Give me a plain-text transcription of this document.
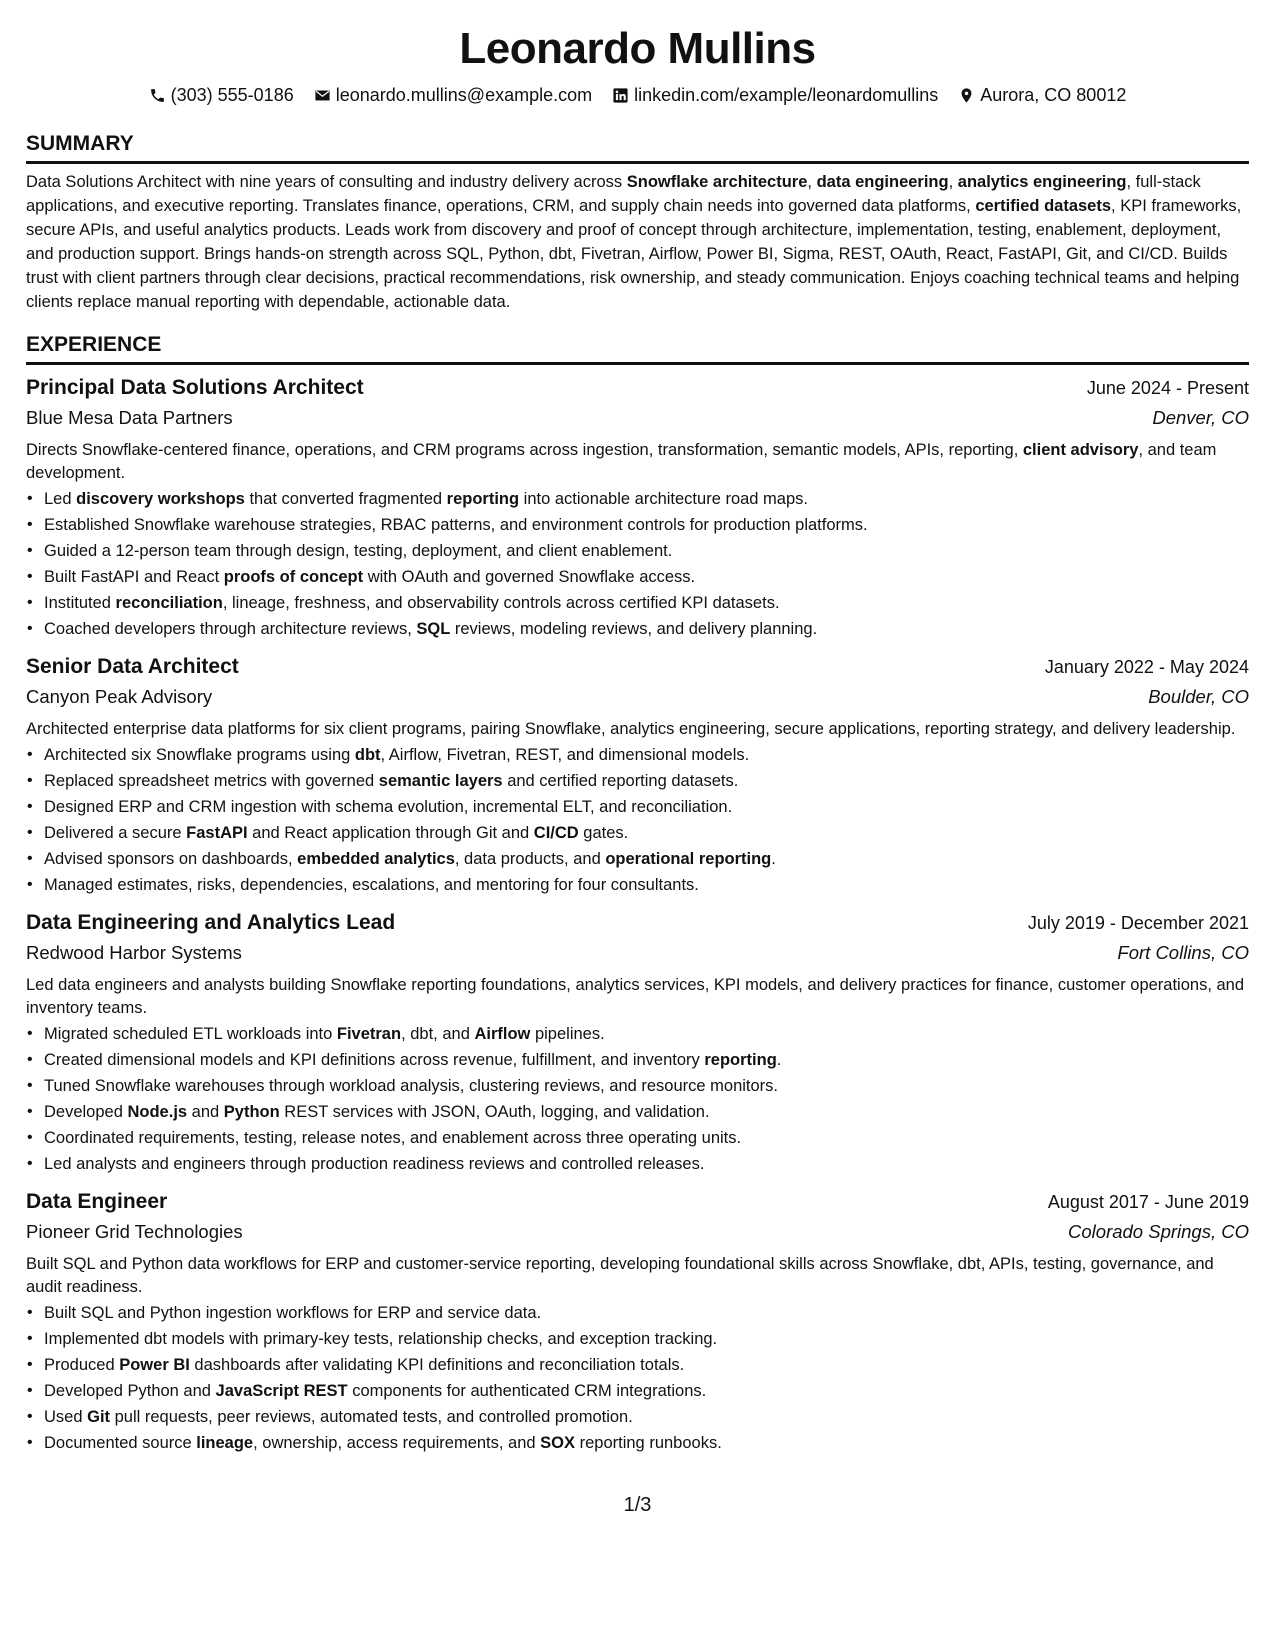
Leonardo Mullins
(303) 555-0186 leonardo.mullins@example.com linkedin.com/example/leonardomullins Aurora, CO 80012
SUMMARY
Data Solutions Architect with nine years of consulting and industry delivery across Snowflake architecture, data engineering, analytics engineering, full-stack applications, and executive reporting. Translates finance, operations, CRM, and supply chain needs into governed data platforms, certified datasets, KPI frameworks, secure APIs, and useful analytics products. Leads work from discovery and proof of concept through architecture, implementation, testing, enablement, deployment, and production support. Brings hands-on strength across SQL, Python, dbt, Fivetran, Airflow, Power BI, Sigma, REST, OAuth, React, FastAPI, Git, and CI/CD. Builds trust with client partners through clear decisions, practical recommendations, risk ownership, and steady communication. Enjoys coaching technical teams and helping clients replace manual reporting with dependable, actionable data.
EXPERIENCE
Principal Data Solutions Architect	June 2024 - Present
Blue Mesa Data Partners	Denver, CO
Directs Snowflake-centered finance, operations, and CRM programs across ingestion, transformation, semantic models, APIs, reporting, client advisory, and team development.
• Led discovery workshops that converted fragmented reporting into actionable architecture road maps.
• Established Snowflake warehouse strategies, RBAC patterns, and environment controls for production platforms.
• Guided a 12-person team through design, testing, deployment, and client enablement.
• Built FastAPI and React proofs of concept with OAuth and governed Snowflake access.
• Instituted reconciliation, lineage, freshness, and observability controls across certified KPI datasets.
• Coached developers through architecture reviews, SQL reviews, modeling reviews, and delivery planning.
Senior Data Architect	January 2022 - May 2024
Canyon Peak Advisory	Boulder, CO
Architected enterprise data platforms for six client programs, pairing Snowflake, analytics engineering, secure applications, reporting strategy, and delivery leadership.
• Architected six Snowflake programs using dbt, Airflow, Fivetran, REST, and dimensional models.
• Replaced spreadsheet metrics with governed semantic layers and certified reporting datasets.
• Designed ERP and CRM ingestion with schema evolution, incremental ELT, and reconciliation.
• Delivered a secure FastAPI and React application through Git and CI/CD gates.
• Advised sponsors on dashboards, embedded analytics, data products, and operational reporting.
• Managed estimates, risks, dependencies, escalations, and mentoring for four consultants.
Data Engineering and Analytics Lead	July 2019 - December 2021
Redwood Harbor Systems	Fort Collins, CO
Led data engineers and analysts building Snowflake reporting foundations, analytics services, KPI models, and delivery practices for finance, customer operations, and inventory teams.
• Migrated scheduled ETL workloads into Fivetran, dbt, and Airflow pipelines.
• Created dimensional models and KPI definitions across revenue, fulfillment, and inventory reporting.
• Tuned Snowflake warehouses through workload analysis, clustering reviews, and resource monitors.
• Developed Node.js and Python REST services with JSON, OAuth, logging, and validation.
• Coordinated requirements, testing, release notes, and enablement across three operating units.
• Led analysts and engineers through production readiness reviews and controlled releases.
Data Engineer	August 2017 - June 2019
Pioneer Grid Technologies	Colorado Springs, CO
Built SQL and Python data workflows for ERP and customer-service reporting, developing foundational skills across Snowflake, dbt, APIs, testing, governance, and audit readiness.
• Built SQL and Python ingestion workflows for ERP and service data.
• Implemented dbt models with primary-key tests, relationship checks, and exception tracking.
• Produced Power BI dashboards after validating KPI definitions and reconciliation totals.
• Developed Python and JavaScript REST components for authenticated CRM integrations.
• Used Git pull requests, peer reviews, automated tests, and controlled promotion.
• Documented source lineage, ownership, access requirements, and SOX reporting runbooks.
1/3
